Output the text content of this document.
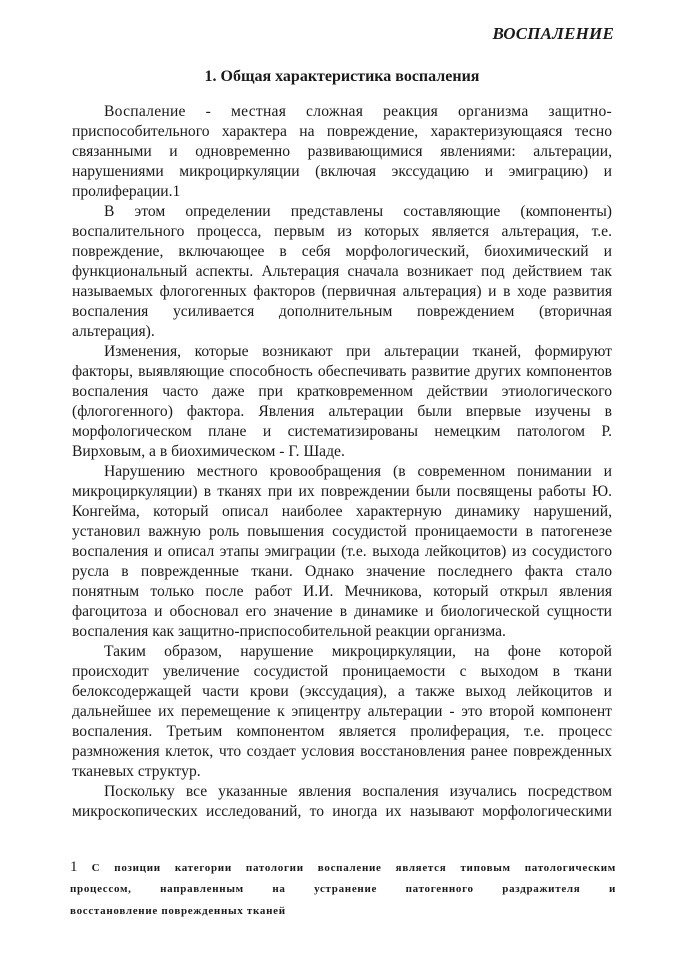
ВОСПАЛЕНИЕ
1. Общая характеристика воспаления
Воспаление - местная сложная реакция организма защитно-
приспособительного характера на повреждение, характеризующаяся тесно
связанными и одновременно развивающимися явлениями: альтерации,
нарушениями микроциркуляции (включая экссудацию и эмиграцию) и
пролиферации.1
В этом определении представлены составляющие (компоненты)
воспалительного процесса, первым из которых является альтерация, т.е.
повреждение, включающее в себя морфологический, биохимический и
функциональный аспекты. Альтерация сначала возникает под действием так
называемых флогогенных факторов (первичная альтерация) и в ходе развития
воспаления усиливается дополнительным повреждением (вторичная
альтерация).
Изменения, которые возникают при альтерации тканей, формируют
факторы, выявляющие способность обеспечивать развитие других компонентов
воспаления часто даже при кратковременном действии этиологического
(флогогенного) фактора. Явления альтерации были впервые изучены в
морфологическом плане и систематизированы немецким патологом Р.
Вирховым, а в биохимическом - Г. Шаде.
Нарушению местного кровообращения (в современном понимании и
микроциркуляции) в тканях при их повреждении были посвящены работы Ю.
Конгейма, который описал наиболее характерную динамику нарушений,
установил важную роль повышения сосудистой проницаемости в патогенезе
воспаления и описал этапы эмиграции (т.е. выхода лейкоцитов) из сосудистого
русла в поврежденные ткани. Однако значение последнего факта стало
понятным только после работ И.И. Мечникова, который открыл явления
фагоцитоза и обосновал его значение в динамике и биологической сущности
воспаления как защитно-приспособительной реакции организма.
Таким образом, нарушение микроциркуляции, на фоне которой
происходит увеличение сосудистой проницаемости с выходом в ткани
белоксодержащей части крови (экссудация), а также выход лейкоцитов и
дальнейшее их перемещение к эпицентру альтерации - это второй компонент
воспаления. Третьим компонентом является пролиферация, т.е. процесс
размножения клеток, что создает условия восстановления ранее поврежденных
тканевых структур.
Поскольку все указанные явления воспаления изучались посредством
микроскопических исследований, то иногда их называют морфологическими
1 С позиции категории патологии воспаление является типовым патологическим
процессом, направленным на устранение патогенного раздражителя и
восстановление поврежденных тканей
